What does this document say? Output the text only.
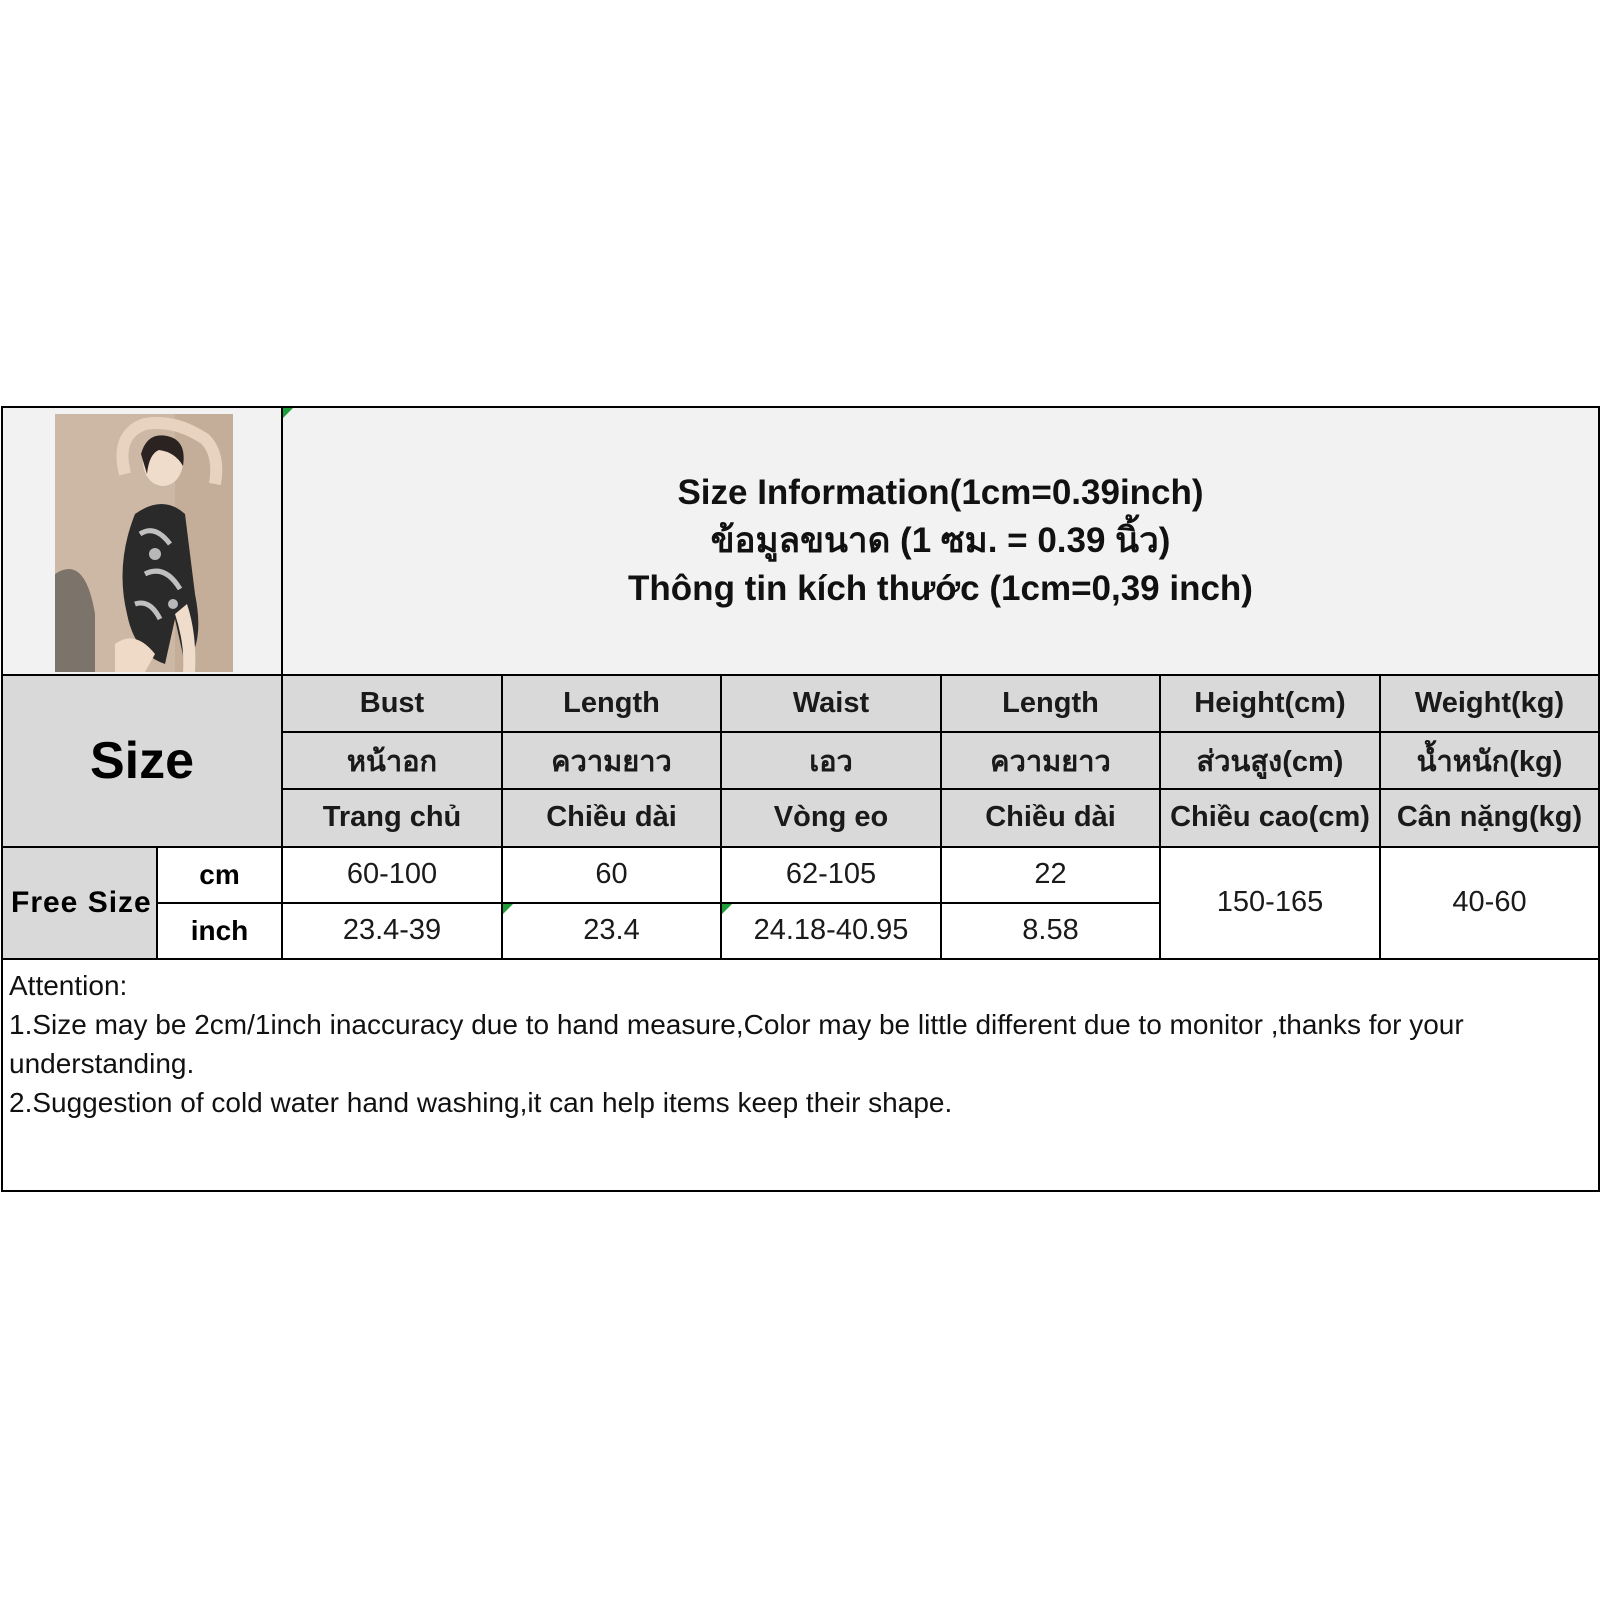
Size Information(1cm=0.39inch)
ข้อมูลขนาด (1 ซม. = 0.39 นิ้ว)
Thông tin kích thước (1cm=0,39 inch)					

Size		Bust	Length	Waist	Length	Height(cm)	Weight(kg)
		หน้าอก	ความยาว	เอว	ความยาว	ส่วนสูง(cm)	น้ำหนัก(kg)
		Trang chủ	Chiều dài	Vòng eo	Chiều dài	Chiều cao(cm)	Cân nặng(kg)
Free Size	cm	60-100	60	62-105	22	150-165	40-60
	inch	23.4-39	23.4	24.18-40.95	8.58		

Attention:

1.Size may be 2cm/1inch inaccuracy due to hand measure,Color may be little different due to monitor ,thanks for your understanding.

2.Suggestion of cold water hand washing,it can help items keep their shape.							
